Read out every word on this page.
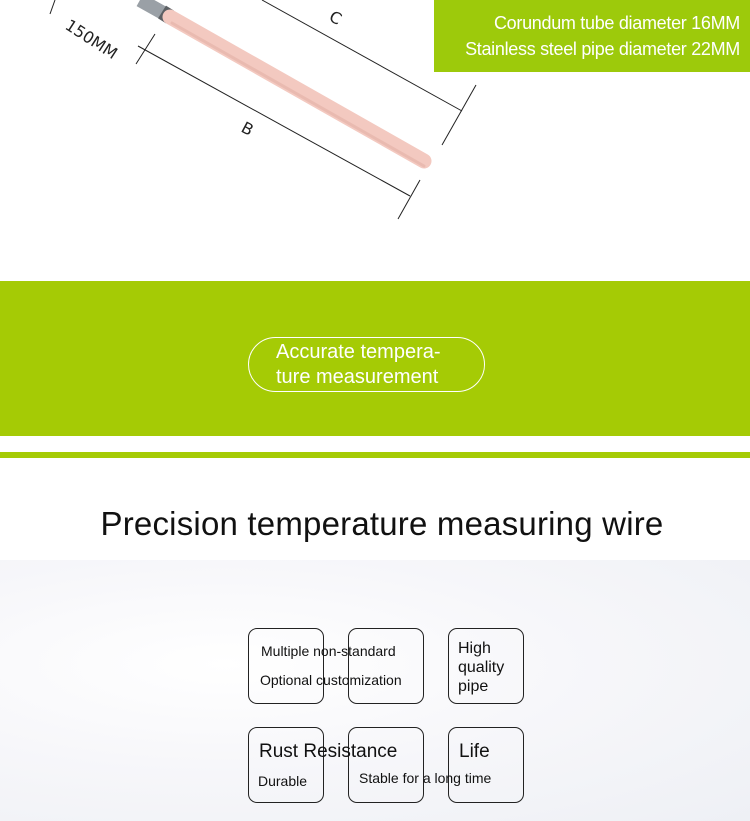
C
B
150MM	Corundum tube diameter 16MM
Stainless steel pipe diameter 22MM
Accurate tempera-
ture measurement
Precision temperature measuring wire
Multiple non-standard
Optional customization
High quality pipe
Rust Resistance
Durable
Life
Stable for a long time
